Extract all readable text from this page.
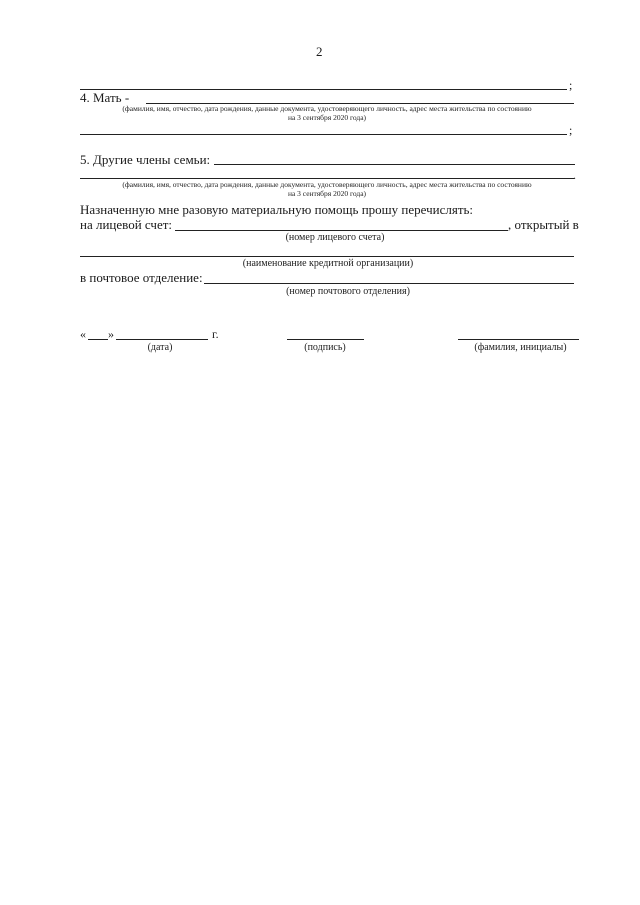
2
;
4. Мать -
(фамилия, имя, отчество, дата рождения, данные документа, удостоверяющего личность, адрес места жительства по состоянию
на 3 сентября 2020 года)
;
5. Другие члены семьи:
.
(фамилия, имя, отчество, дата рождения, данные документа, удостоверяющего личность, адрес места жительства по состоянию
на 3 сентября 2020 года)
Назначенную мне разовую материальную помощь прошу перечислять:
на лицевой счет:	, открытый в
(номер лицевого счета)
(наименование кредитной организации)
в почтовое отделение:
(номер почтового отделения)
« »	г.
(дата)	(подпись)	(фамилия, инициалы)
